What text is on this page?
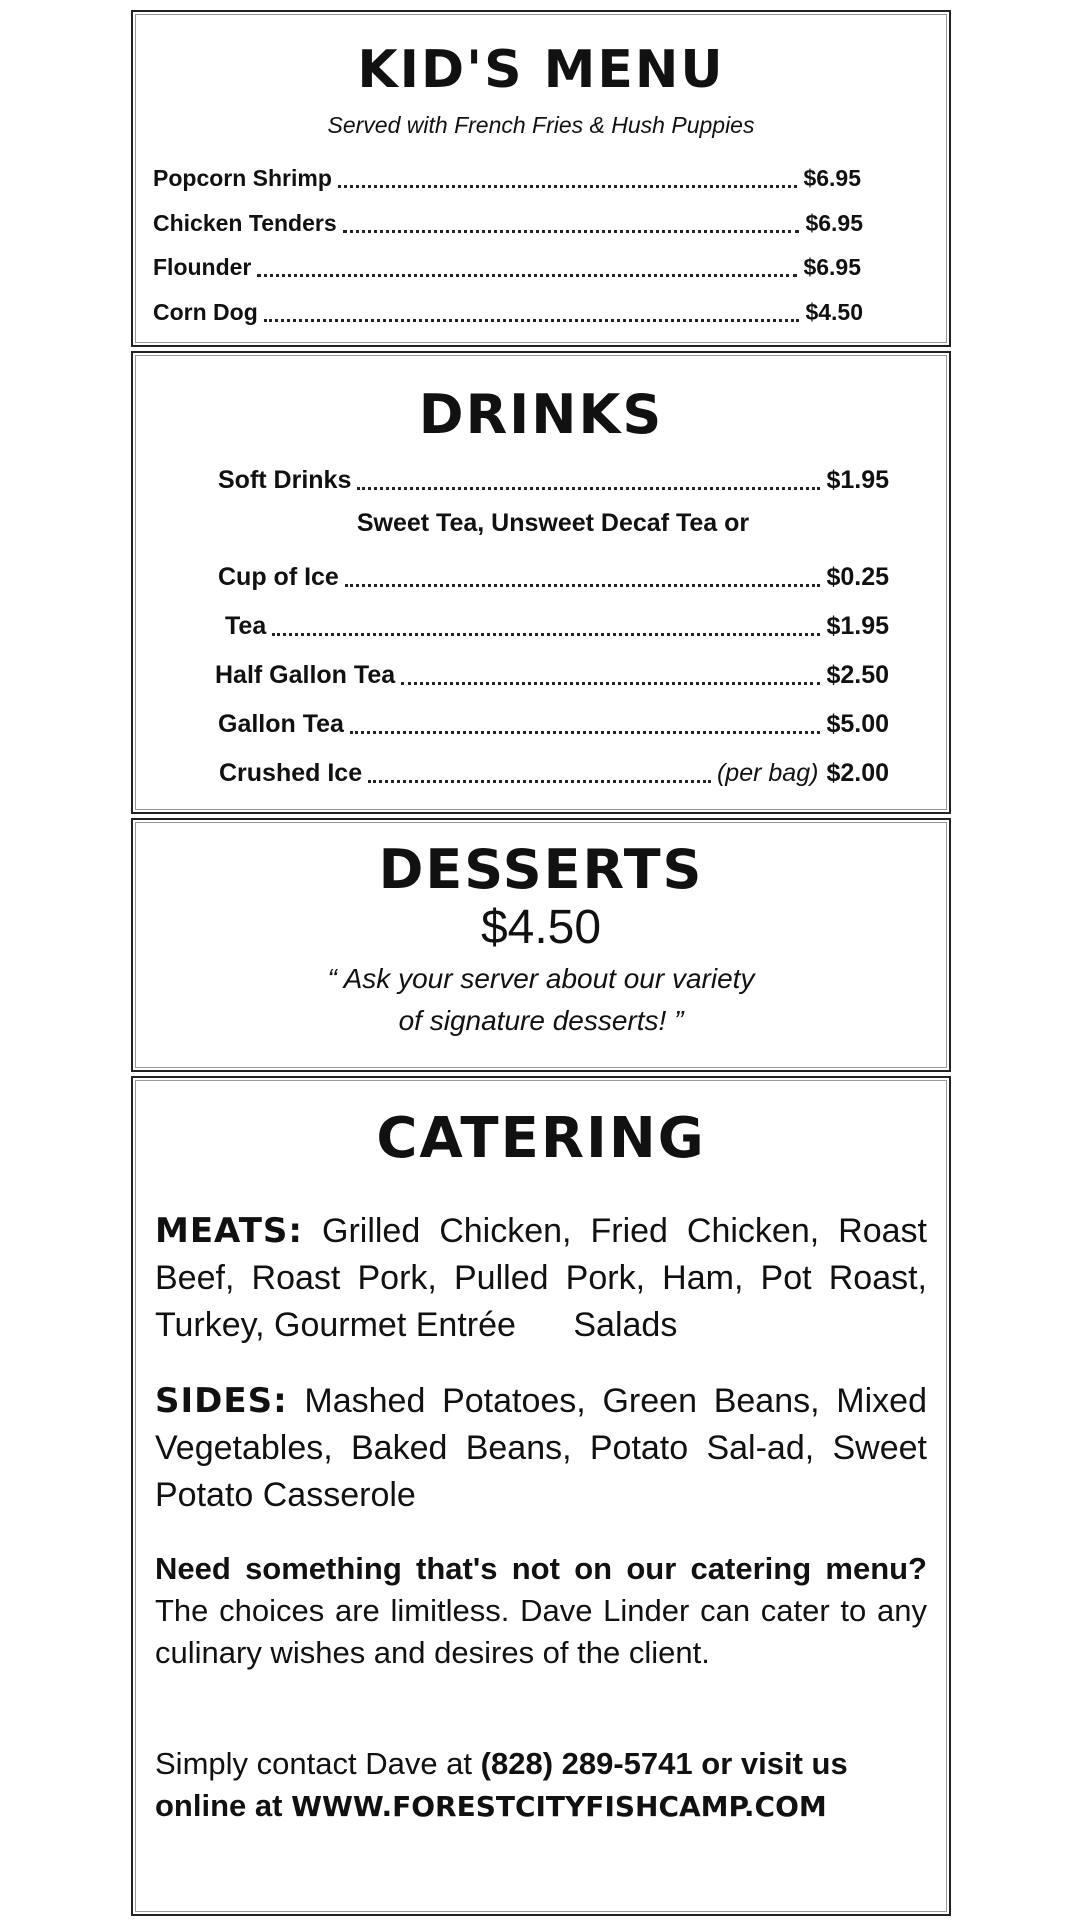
KID'S MENU
Served with French Fries & Hush Puppies
Popcorn Shrimp	$6.95
Chicken Tenders	$6.95
Flounder	$6.95
Corn Dog	$4.50
DRINKS
Soft Drinks	$1.95
Sweet Tea, Unsweet Decaf Tea or
Cup of Ice	$0.25
Tea	$1.95
Half Gallon Tea	$2.50
Gallon Tea	$5.00
Crushed Ice	(per bag) $2.00
DESSERTS
$4.50
“ Ask your server about our variety
of signature desserts! ”
CATERING
MEATS: Grilled Chicken, Fried Chicken, Roast Beef, Roast Pork, Pulled Pork, Ham, Pot Roast, Turkey, Gourmet Entrée Salads
SIDES: Mashed Potatoes, Green Beans, Mixed Vegetables, Baked Beans, Potato Sal-ad, Sweet Potato Casserole
Need something that's not on our catering menu? The choices are limitless. Dave Linder can cater to any culinary wishes and desires of the client.
Simply contact Dave at (828) 289-5741 or visit us online at WWW.FORESTCITYFISHCAMP.COM
